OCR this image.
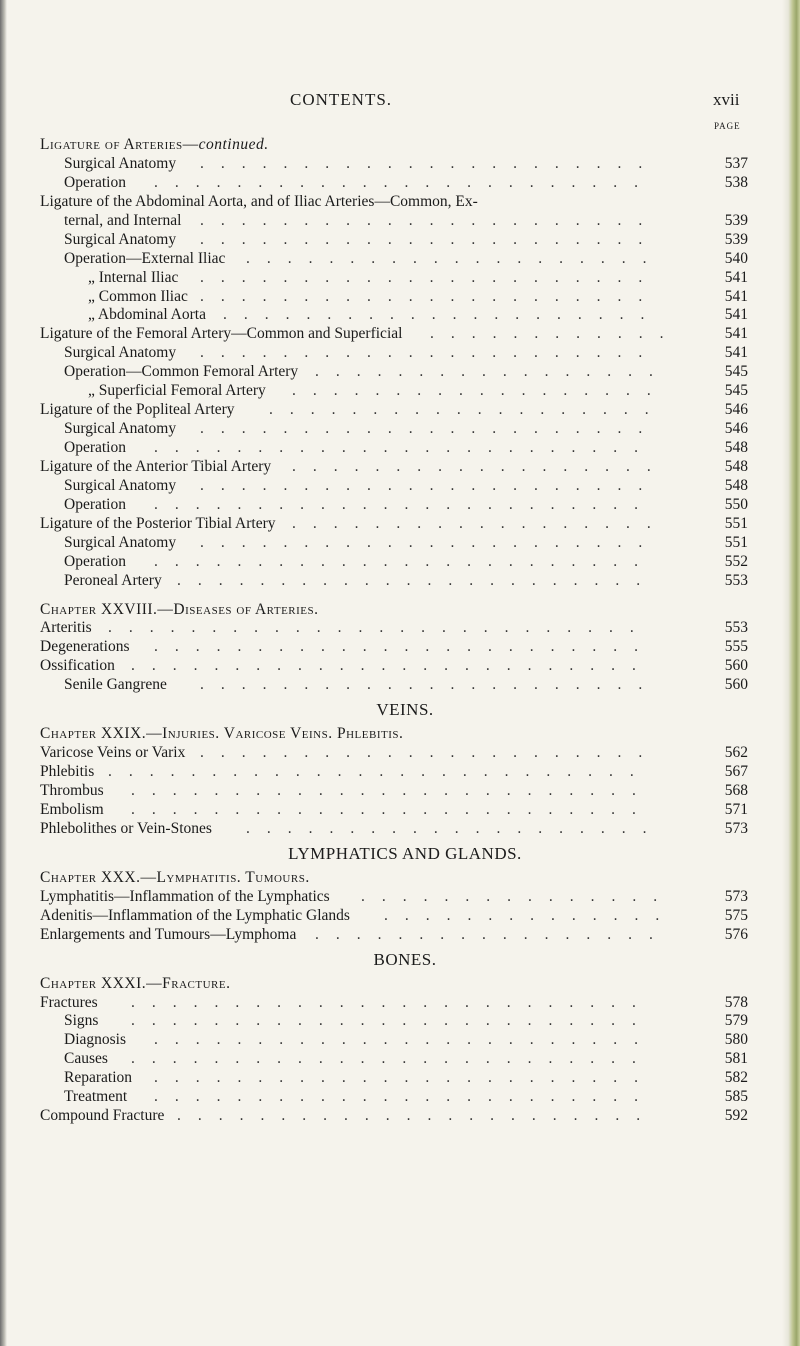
CONTENTS.	xvii
PAGE
Ligature of Arteries—continued.
Surgical Anatomy ......................	537
Operation ........................	538
Ligature of the Abdominal Aorta, and of Iliac Arteries—Common, Ex-
ternal, and Internal ......................	539
Surgical Anatomy ......................	539
Operation—External Iliac ....................	540
„ Internal Iliac ......................	541
„ Common Iliac ......................	541
„ Abdominal Aorta .....................	541
Ligature of the Femoral Artery—Common and Superficial ............	541
Surgical Anatomy ......................	541
Operation—Common Femoral Artery .................	545
„ Superficial Femoral Artery ..................	545
Ligature of the Popliteal Artery ...................	546
Surgical Anatomy ......................	546
Operation ........................	548
Ligature of the Anterior Tibial Artery ..................	548
Surgical Anatomy ......................	548
Operation ........................	550
Ligature of the Posterior Tibial Artery ..................	551
Surgical Anatomy ......................	551
Operation ........................	552
Peroneal Artery .......................	553
Chapter XXVIII.—Diseases of Arteries.
Arteritis ..........................	553
Degenerations ........................	555
Ossification .........................	560
Senile Gangrene ......................	560
VEINS.
Chapter XXIX.—Injuries. Varicose Veins. Phlebitis.
Varicose Veins or Varix ......................	562
Phlebitis ..........................	567
Thrombus .........................	568
Embolism .........................	571
Phlebolithes or Vein-Stones ....................	573
LYMPHATICS AND GLANDS.
Chapter XXX.—Lymphatitis. Tumours.
Lymphatitis—Inflammation of the Lymphatics ...............	573
Adenitis—Inflammation of the Lymphatic Glands ..............	575
Enlargements and Tumours—Lymphoma .................	576
BONES.
Chapter XXXI.—Fracture.
Fractures .........................	578
Signs .........................	579
Diagnosis ........................	580
Causes .........................	581
Reparation ........................	582
Treatment ........................	585
Compound Fracture .......................	592
